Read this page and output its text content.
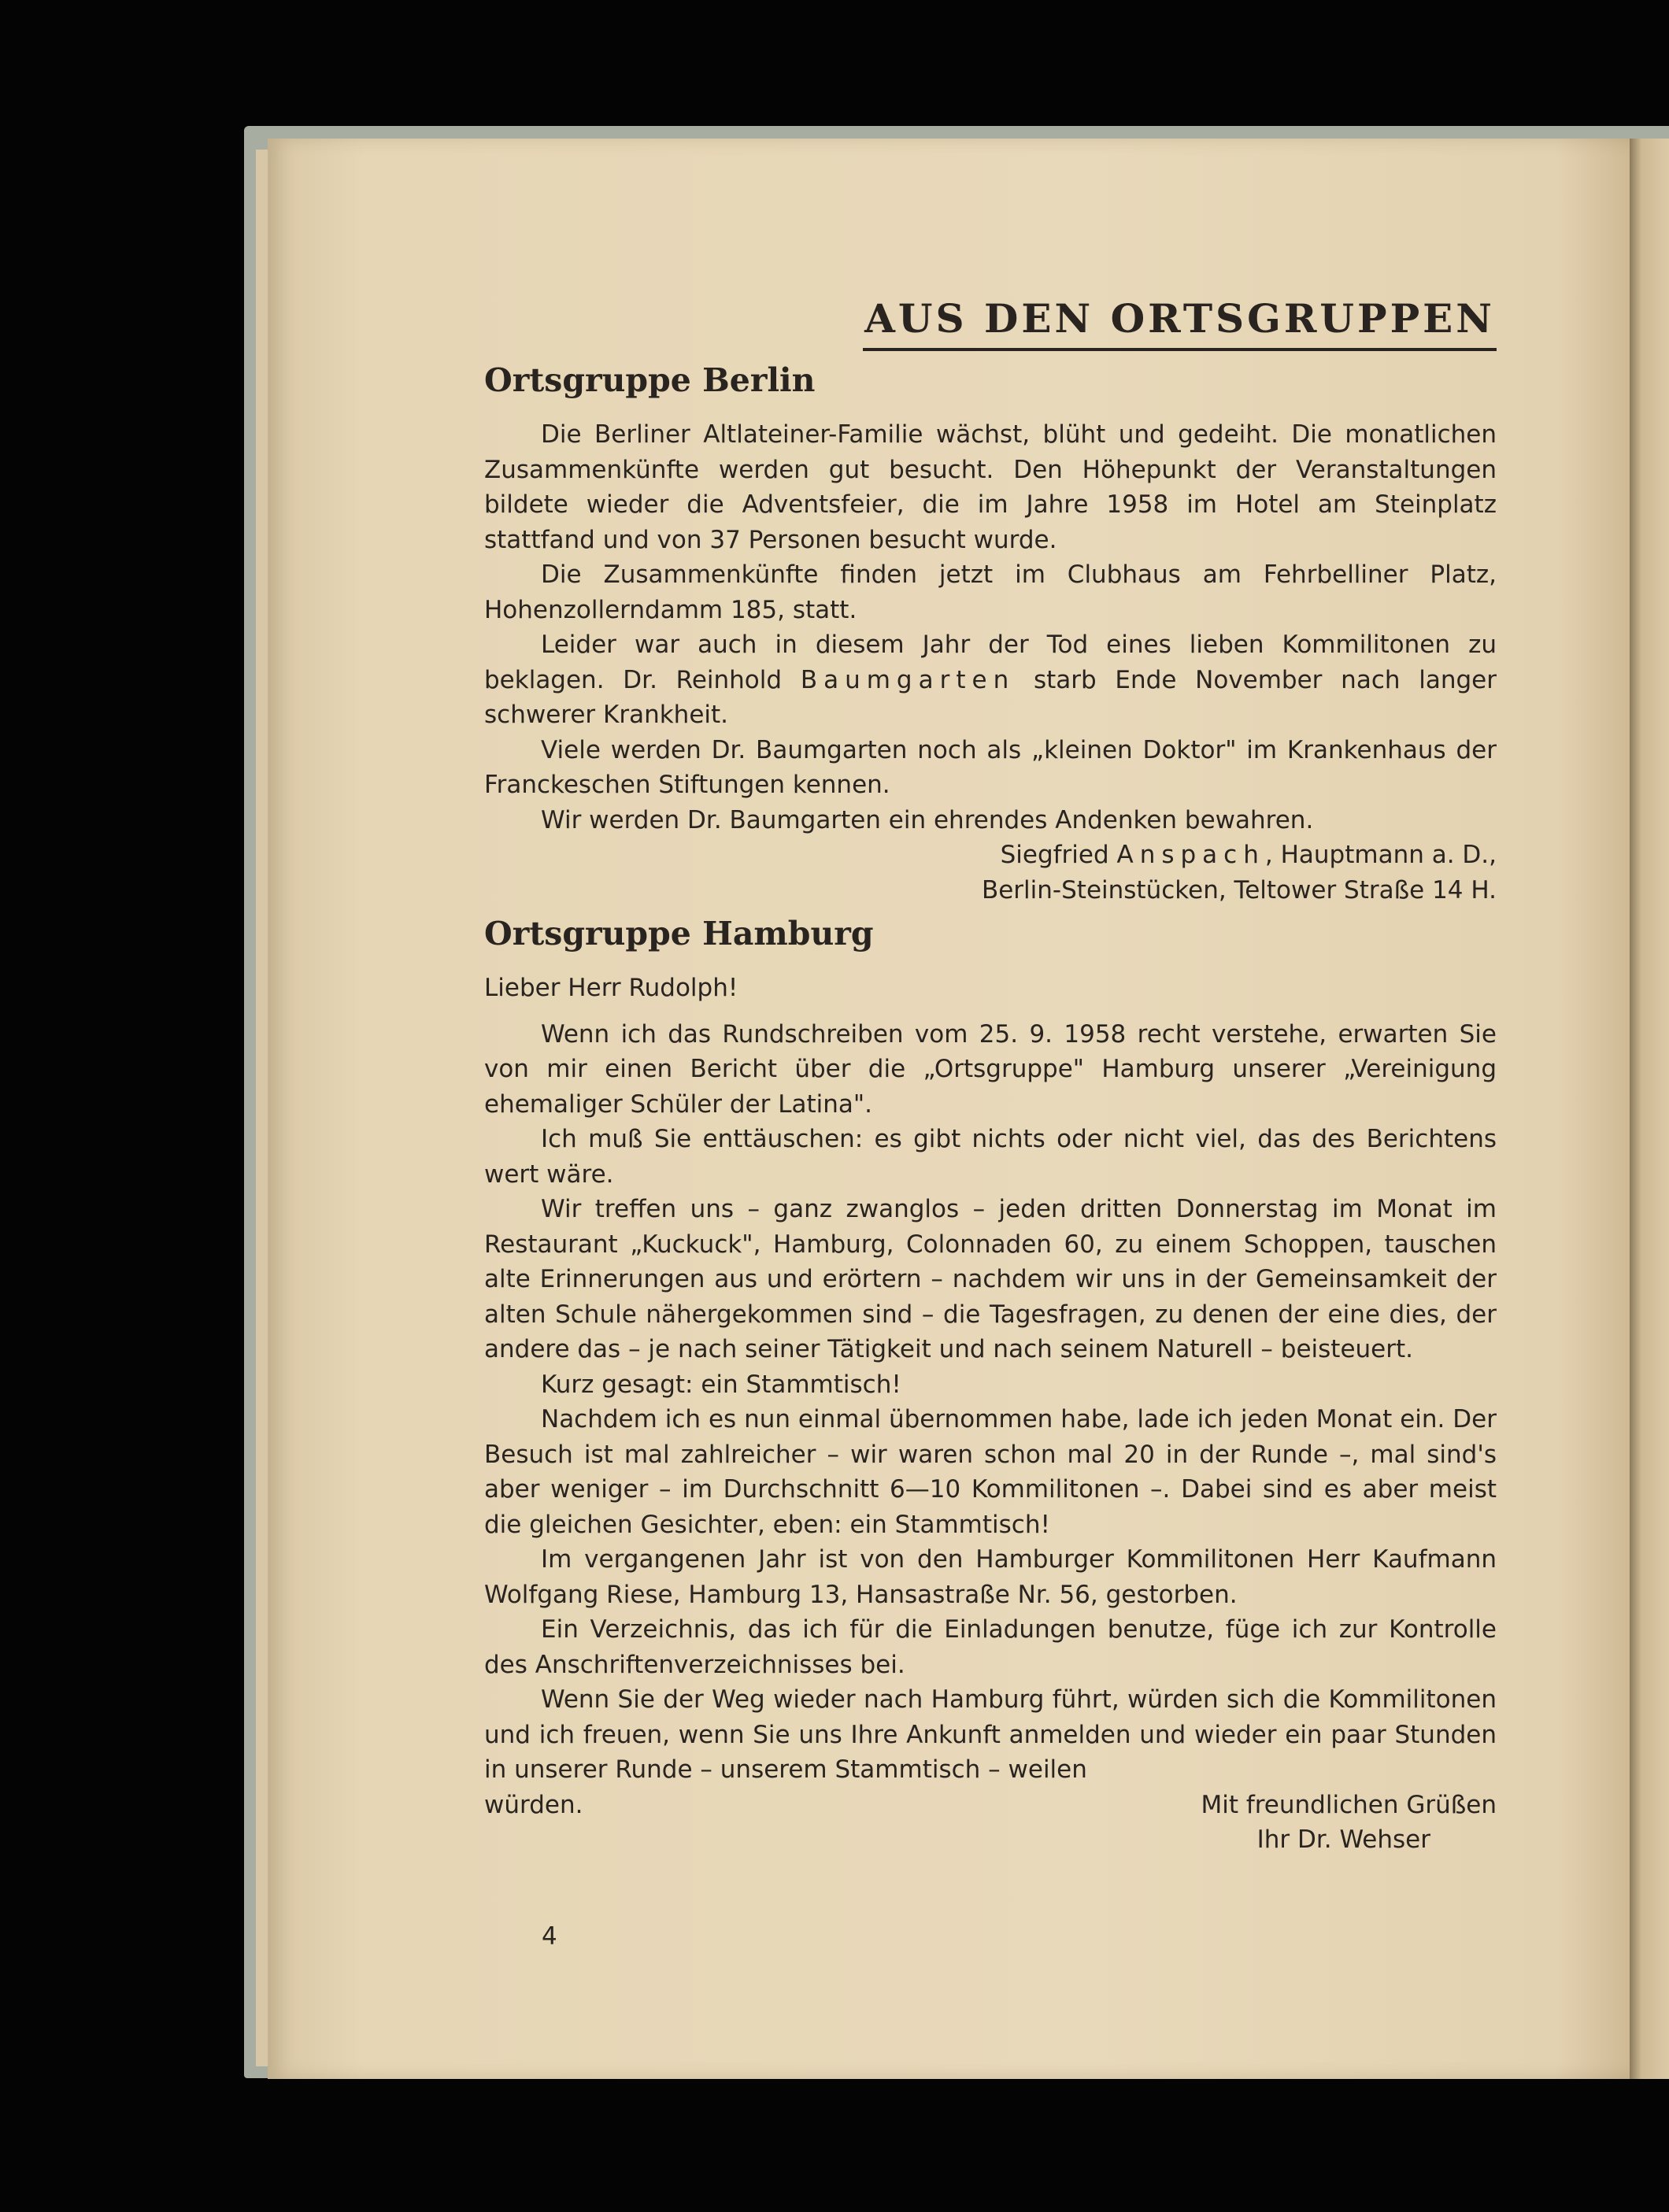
AUS DEN ORTSGRUPPEN
Ortsgruppe Berlin

Die Berliner Altlateiner-Familie wächst, blüht und gedeiht. Die monatlichen Zusammenkünfte werden gut besucht. Den Höhepunkt der Veranstaltungen bildete wieder die Adventsfeier, die im Jahre 1958 im Hotel am Steinplatz stattfand und von 37 Personen besucht wurde.

Die Zusammenkünfte finden jetzt im Clubhaus am Fehrbelliner Platz, Hohenzollerndamm 185, statt.

Leider war auch in diesem Jahr der Tod eines lieben Kommilitonen zu beklagen. Dr. Reinhold Baumgarten starb Ende November nach langer schwerer Krankheit.

Viele werden Dr. Baumgarten noch als „kleinen Doktor" im Krankenhaus der Franckeschen Stiftungen kennen.

Wir werden Dr. Baumgarten ein ehrendes Andenken bewahren.

Siegfried Anspach, Hauptmann a. D.,

Berlin-Steinstücken, Teltower Straße 14 H.

Ortsgruppe Hamburg

Lieber Herr Rudolph!

Wenn ich das Rundschreiben vom 25. 9. 1958 recht verstehe, erwarten Sie von mir einen Bericht über die „Ortsgruppe" Hamburg unserer „Vereinigung ehemaliger Schüler der Latina".

Ich muß Sie enttäuschen: es gibt nichts oder nicht viel, das des Berichtens wert wäre.

Wir treffen uns – ganz zwanglos – jeden dritten Donnerstag im Monat im Restaurant „Kuckuck", Hamburg, Colonnaden 60, zu einem Schoppen, tauschen alte Erinnerungen aus und erörtern – nachdem wir uns in der Gemeinsamkeit der alten Schule nähergekommen sind – die Tagesfragen, zu denen der eine dies, der andere das – je nach seiner Tätigkeit und nach seinem Naturell – beisteuert.

Kurz gesagt: ein Stammtisch!

Nachdem ich es nun einmal übernommen habe, lade ich jeden Monat ein. Der Besuch ist mal zahlreicher – wir waren schon mal 20 in der Runde –, mal sind's aber weniger – im Durchschnitt 6—10 Kommilitonen –. Dabei sind es aber meist die gleichen Gesichter, eben: ein Stammtisch!

Im vergangenen Jahr ist von den Hamburger Kommilitonen Herr Kaufmann Wolfgang Riese, Hamburg 13, Hansastraße Nr. 56, gestorben.

Ein Verzeichnis, das ich für die Einladungen benutze, füge ich zur Kontrolle des Anschriftenverzeichnisses bei.

Wenn Sie der Weg wieder nach Hamburg führt, würden sich die Kommilitonen und ich freuen, wenn Sie uns Ihre Ankunft anmelden und wieder ein paar Stunden in unserer Runde – unserem Stammtisch – weilen

würden.	Mit freundlichen Grüßen

Ihr Dr. Wehser

4
